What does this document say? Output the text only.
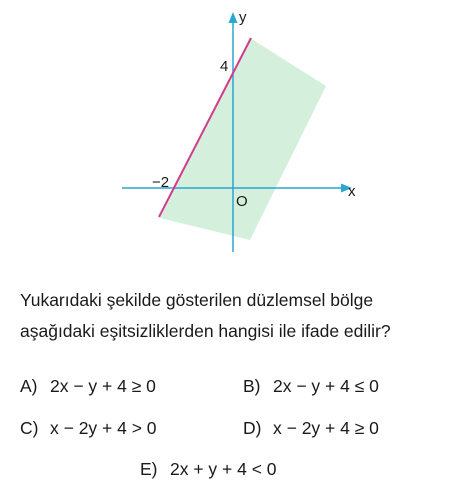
y
x
4
−2
O

Yukarıdaki şekilde gösterilen düzlemsel bölge
aşağıdaki eşitsizliklerden hangisi ile ifade edilir?

A) 2x − y + 4 ≥ 0	B) 2x − y + 4 ≤ 0
C) x − 2y + 4 > 0	D) x − 2y + 4 ≥ 0
E) 2x + y + 4 < 0
